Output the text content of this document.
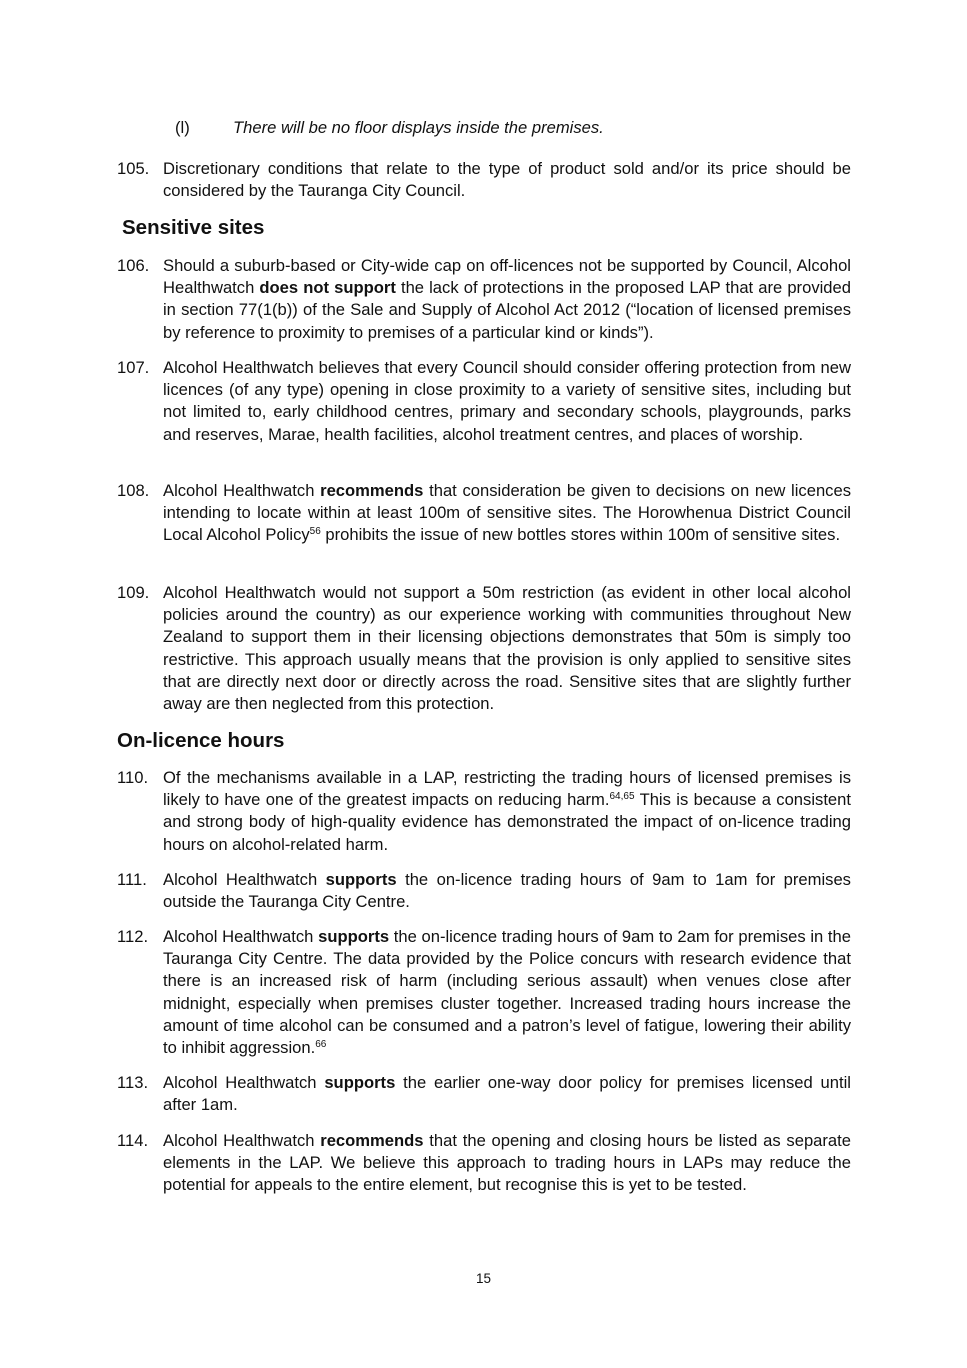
(l)	There will be no floor displays inside the premises.
105. Discretionary conditions that relate to the type of product sold and/or its price should be considered by the Tauranga City Council.
Sensitive sites
106. Should a suburb-based or City-wide cap on off-licences not be supported by Council, Alcohol Healthwatch does not support the lack of protections in the proposed LAP that are provided in section 77(1(b)) of the Sale and Supply of Alcohol Act 2012 (“location of licensed premises by reference to proximity to premises of a particular kind or kinds”).
107. Alcohol Healthwatch believes that every Council should consider offering protection from new licences (of any type) opening in close proximity to a variety of sensitive sites, including but not limited to, early childhood centres, primary and secondary schools, playgrounds, parks and reserves, Marae, health facilities, alcohol treatment centres, and places of worship.
108. Alcohol Healthwatch recommends that consideration be given to decisions on new licences intending to locate within at least 100m of sensitive sites. The Horowhenua District Council Local Alcohol Policy$^{56}$ prohibits the issue of new bottles stores within 100m of sensitive sites.
109. Alcohol Healthwatch would not support a 50m restriction (as evident in other local alcohol policies around the country) as our experience working with communities throughout New Zealand to support them in their licensing objections demonstrates that 50m is simply too restrictive. This approach usually means that the provision is only applied to sensitive sites that are directly next door or directly across the road. Sensitive sites that are slightly further away are then neglected from this protection.
On-licence hours
110. Of the mechanisms available in a LAP, restricting the trading hours of licensed premises is likely to have one of the greatest impacts on reducing harm.$^{64,65}$ This is because a consistent and strong body of high-quality evidence has demonstrated the impact of on-licence trading hours on alcohol-related harm.
111. Alcohol Healthwatch supports the on-licence trading hours of 9am to 1am for premises outside the Tauranga City Centre.
112. Alcohol Healthwatch supports the on-licence trading hours of 9am to 2am for premises in the Tauranga City Centre. The data provided by the Police concurs with research evidence that there is an increased risk of harm (including serious assault) when venues close after midnight, especially when premises cluster together. Increased trading hours increase the amount of time alcohol can be consumed and a patron’s level of fatigue, lowering their ability to inhibit aggression.$^{66}$
113. Alcohol Healthwatch supports the earlier one-way door policy for premises licensed until after 1am.
114. Alcohol Healthwatch recommends that the opening and closing hours be listed as separate elements in the LAP. We believe this approach to trading hours in LAPs may reduce the potential for appeals to the entire element, but recognise this is yet to be tested.
15
